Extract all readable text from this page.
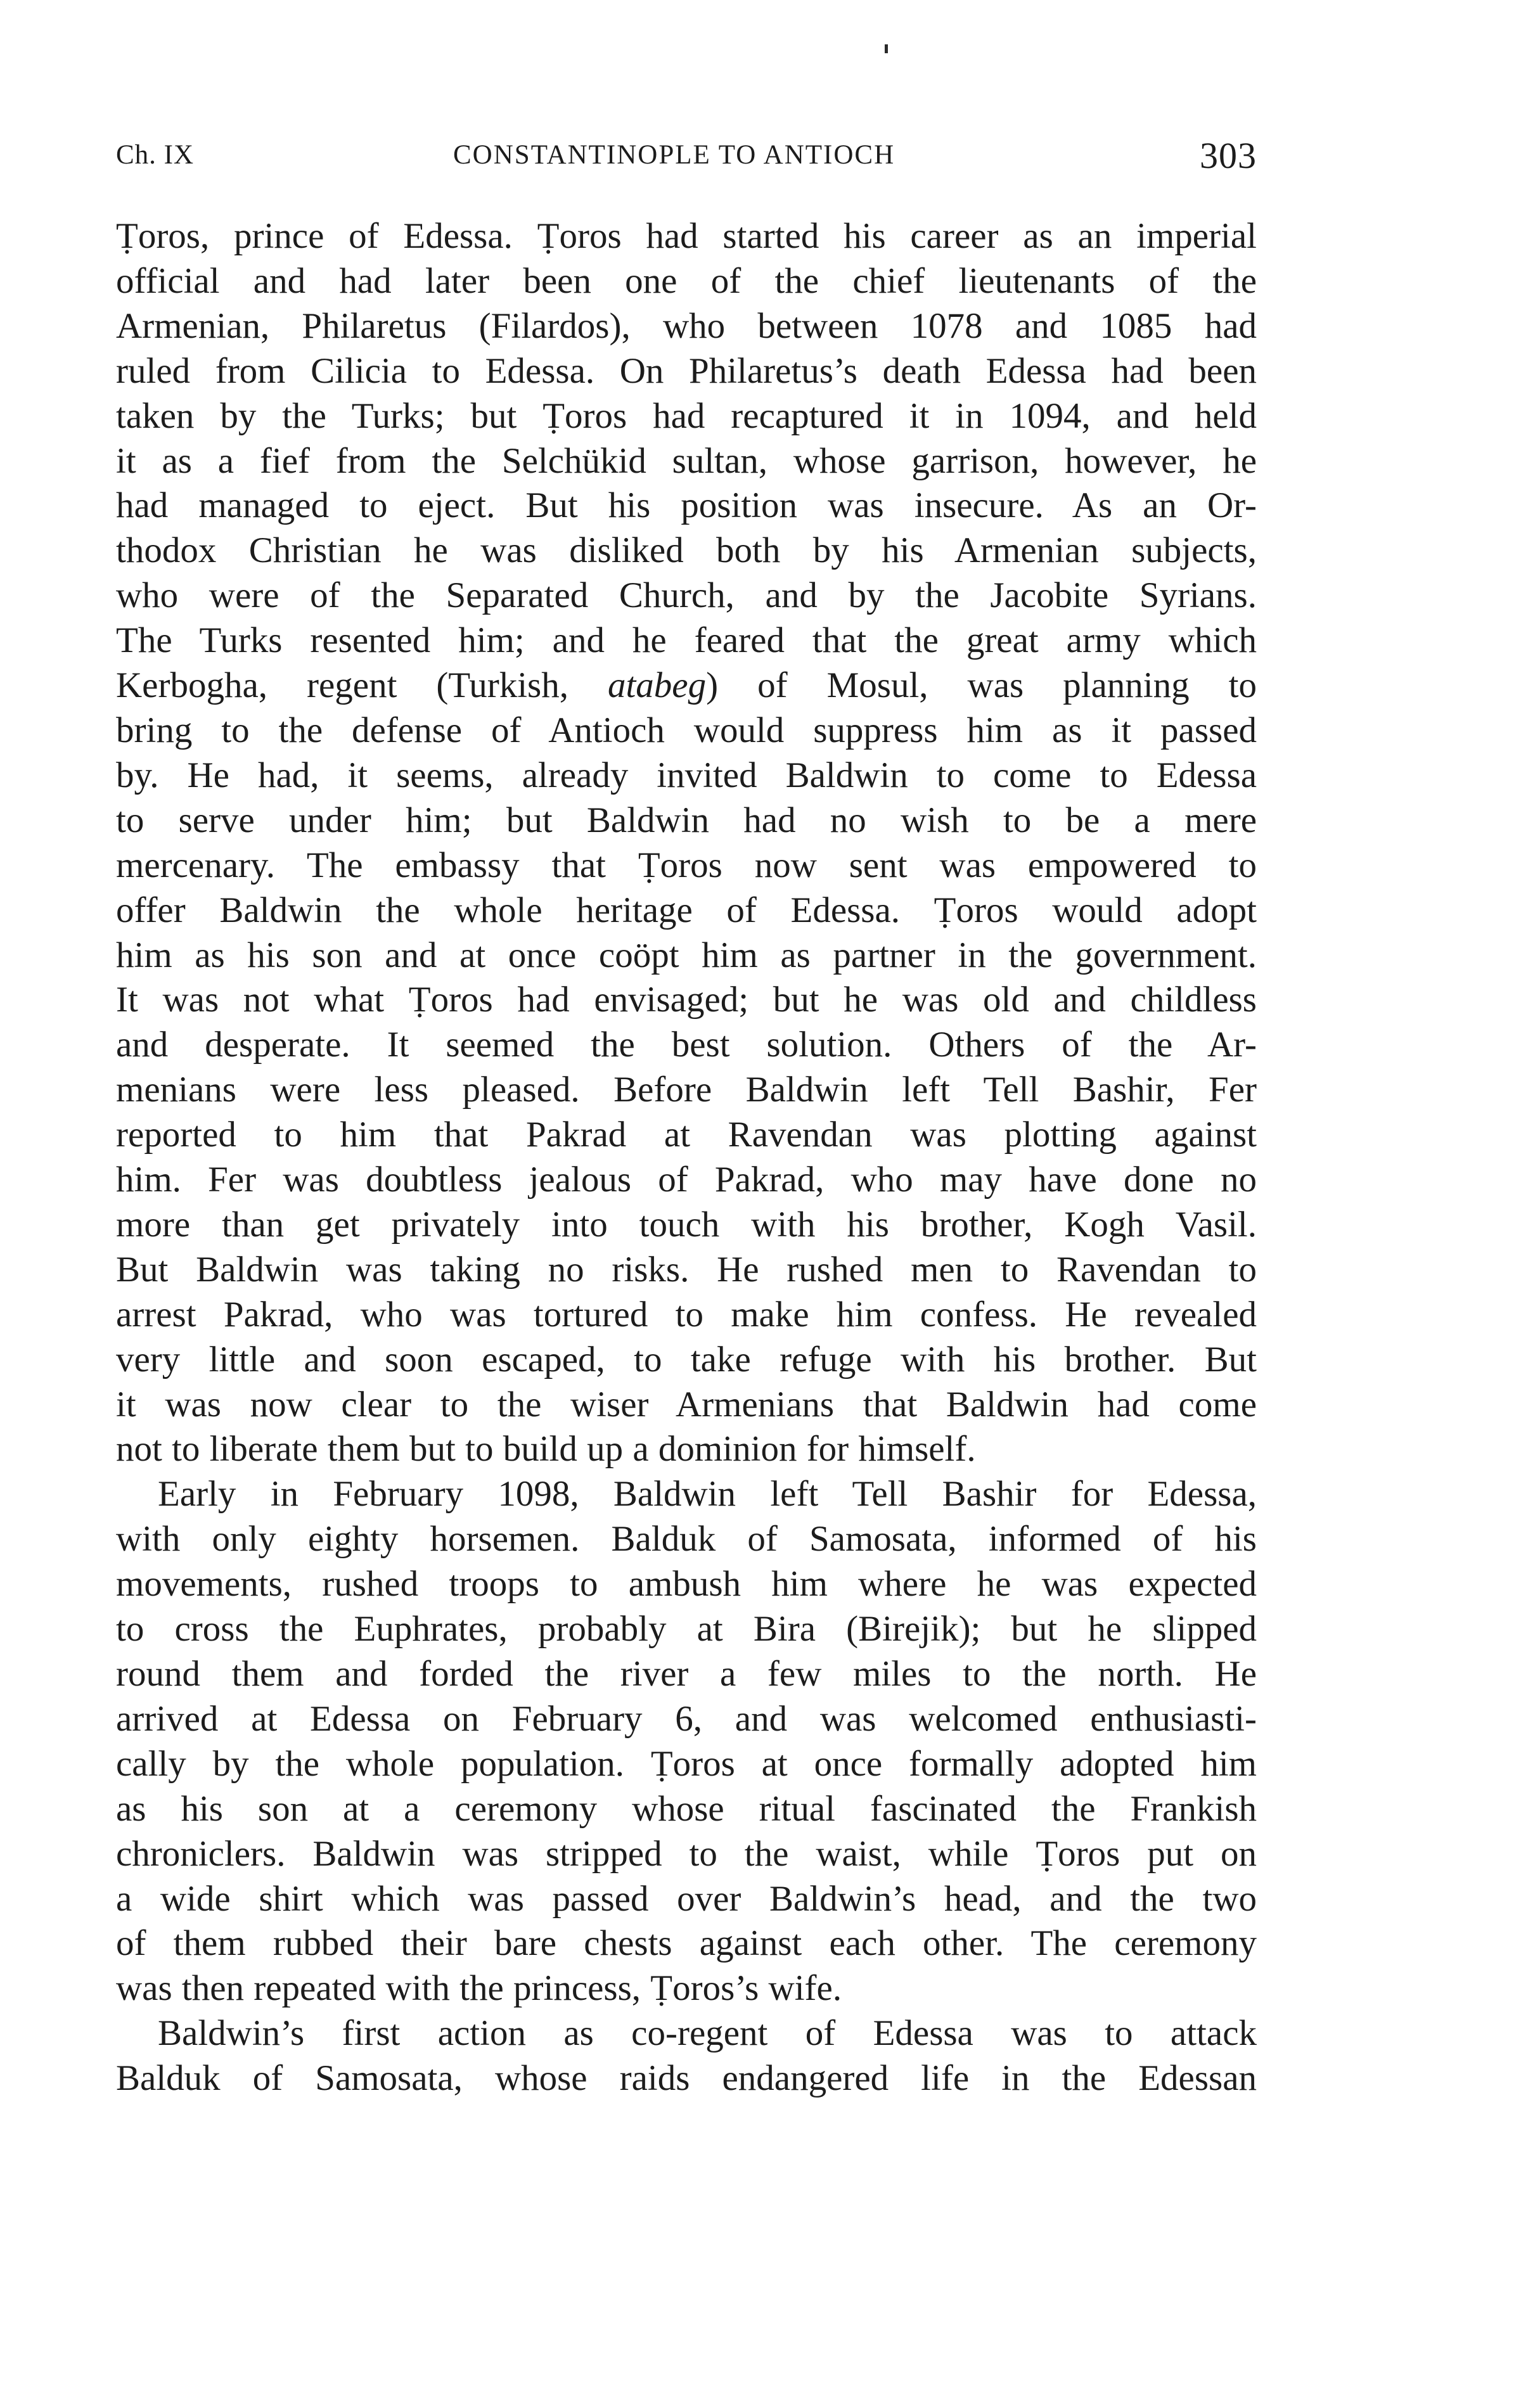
Ch. IX	CONSTANTINOPLE TO ANTIOCH	303

Ṭoros, prince of Edessa. Ṭoros had started his career as an imperial
official and had later been one of the chief lieutenants of the
Armenian, Philaretus (Filardos), who between 1078 and 1085 had
ruled from Cilicia to Edessa. On Philaretus’s death Edessa had been
taken by the Turks; but Ṭoros had recaptured it in 1094, and held
it as a fief from the Selchükid sultan, whose garrison, however, he
had managed to eject. But his position was insecure. As an Or-
thodox Christian he was disliked both by his Armenian subjects,
who were of the Separated Church, and by the Jacobite Syrians.
The Turks resented him; and he feared that the great army which
Kerbogha, regent (Turkish, atabeg) of Mosul, was planning to
bring to the defense of Antioch would suppress him as it passed
by. He had, it seems, already invited Baldwin to come to Edessa
to serve under him; but Baldwin had no wish to be a mere
mercenary. The embassy that Ṭoros now sent was empowered to
offer Baldwin the whole heritage of Edessa. Ṭoros would adopt
him as his son and at once coöpt him as partner in the government.
It was not what Ṭoros had envisaged; but he was old and childless
and desperate. It seemed the best solution. Others of the Ar-
menians were less pleased. Before Baldwin left Tell Bashir, Fer
reported to him that Pakrad at Ravendan was plotting against
him. Fer was doubtless jealous of Pakrad, who may have done no
more than get privately into touch with his brother, Kogh Vasil.
But Baldwin was taking no risks. He rushed men to Ravendan to
arrest Pakrad, who was tortured to make him confess. He revealed
very little and soon escaped, to take refuge with his brother. But
it was now clear to the wiser Armenians that Baldwin had come
not to liberate them but to build up a dominion for himself.

Early in February 1098, Baldwin left Tell Bashir for Edessa,
with only eighty horsemen. Balduk of Samosata, informed of his
movements, rushed troops to ambush him where he was expected
to cross the Euphrates, probably at Bira (Birejik); but he slipped
round them and forded the river a few miles to the north. He
arrived at Edessa on February 6, and was welcomed enthusiasti-
cally by the whole population. Ṭoros at once formally adopted him
as his son at a ceremony whose ritual fascinated the Frankish
chroniclers. Baldwin was stripped to the waist, while Ṭoros put on
a wide shirt which was passed over Baldwin’s head, and the two
of them rubbed their bare chests against each other. The ceremony
was then repeated with the princess, Ṭoros’s wife.

Baldwin’s first action as co-regent of Edessa was to attack
Balduk of Samosata, whose raids endangered life in the Edessan
